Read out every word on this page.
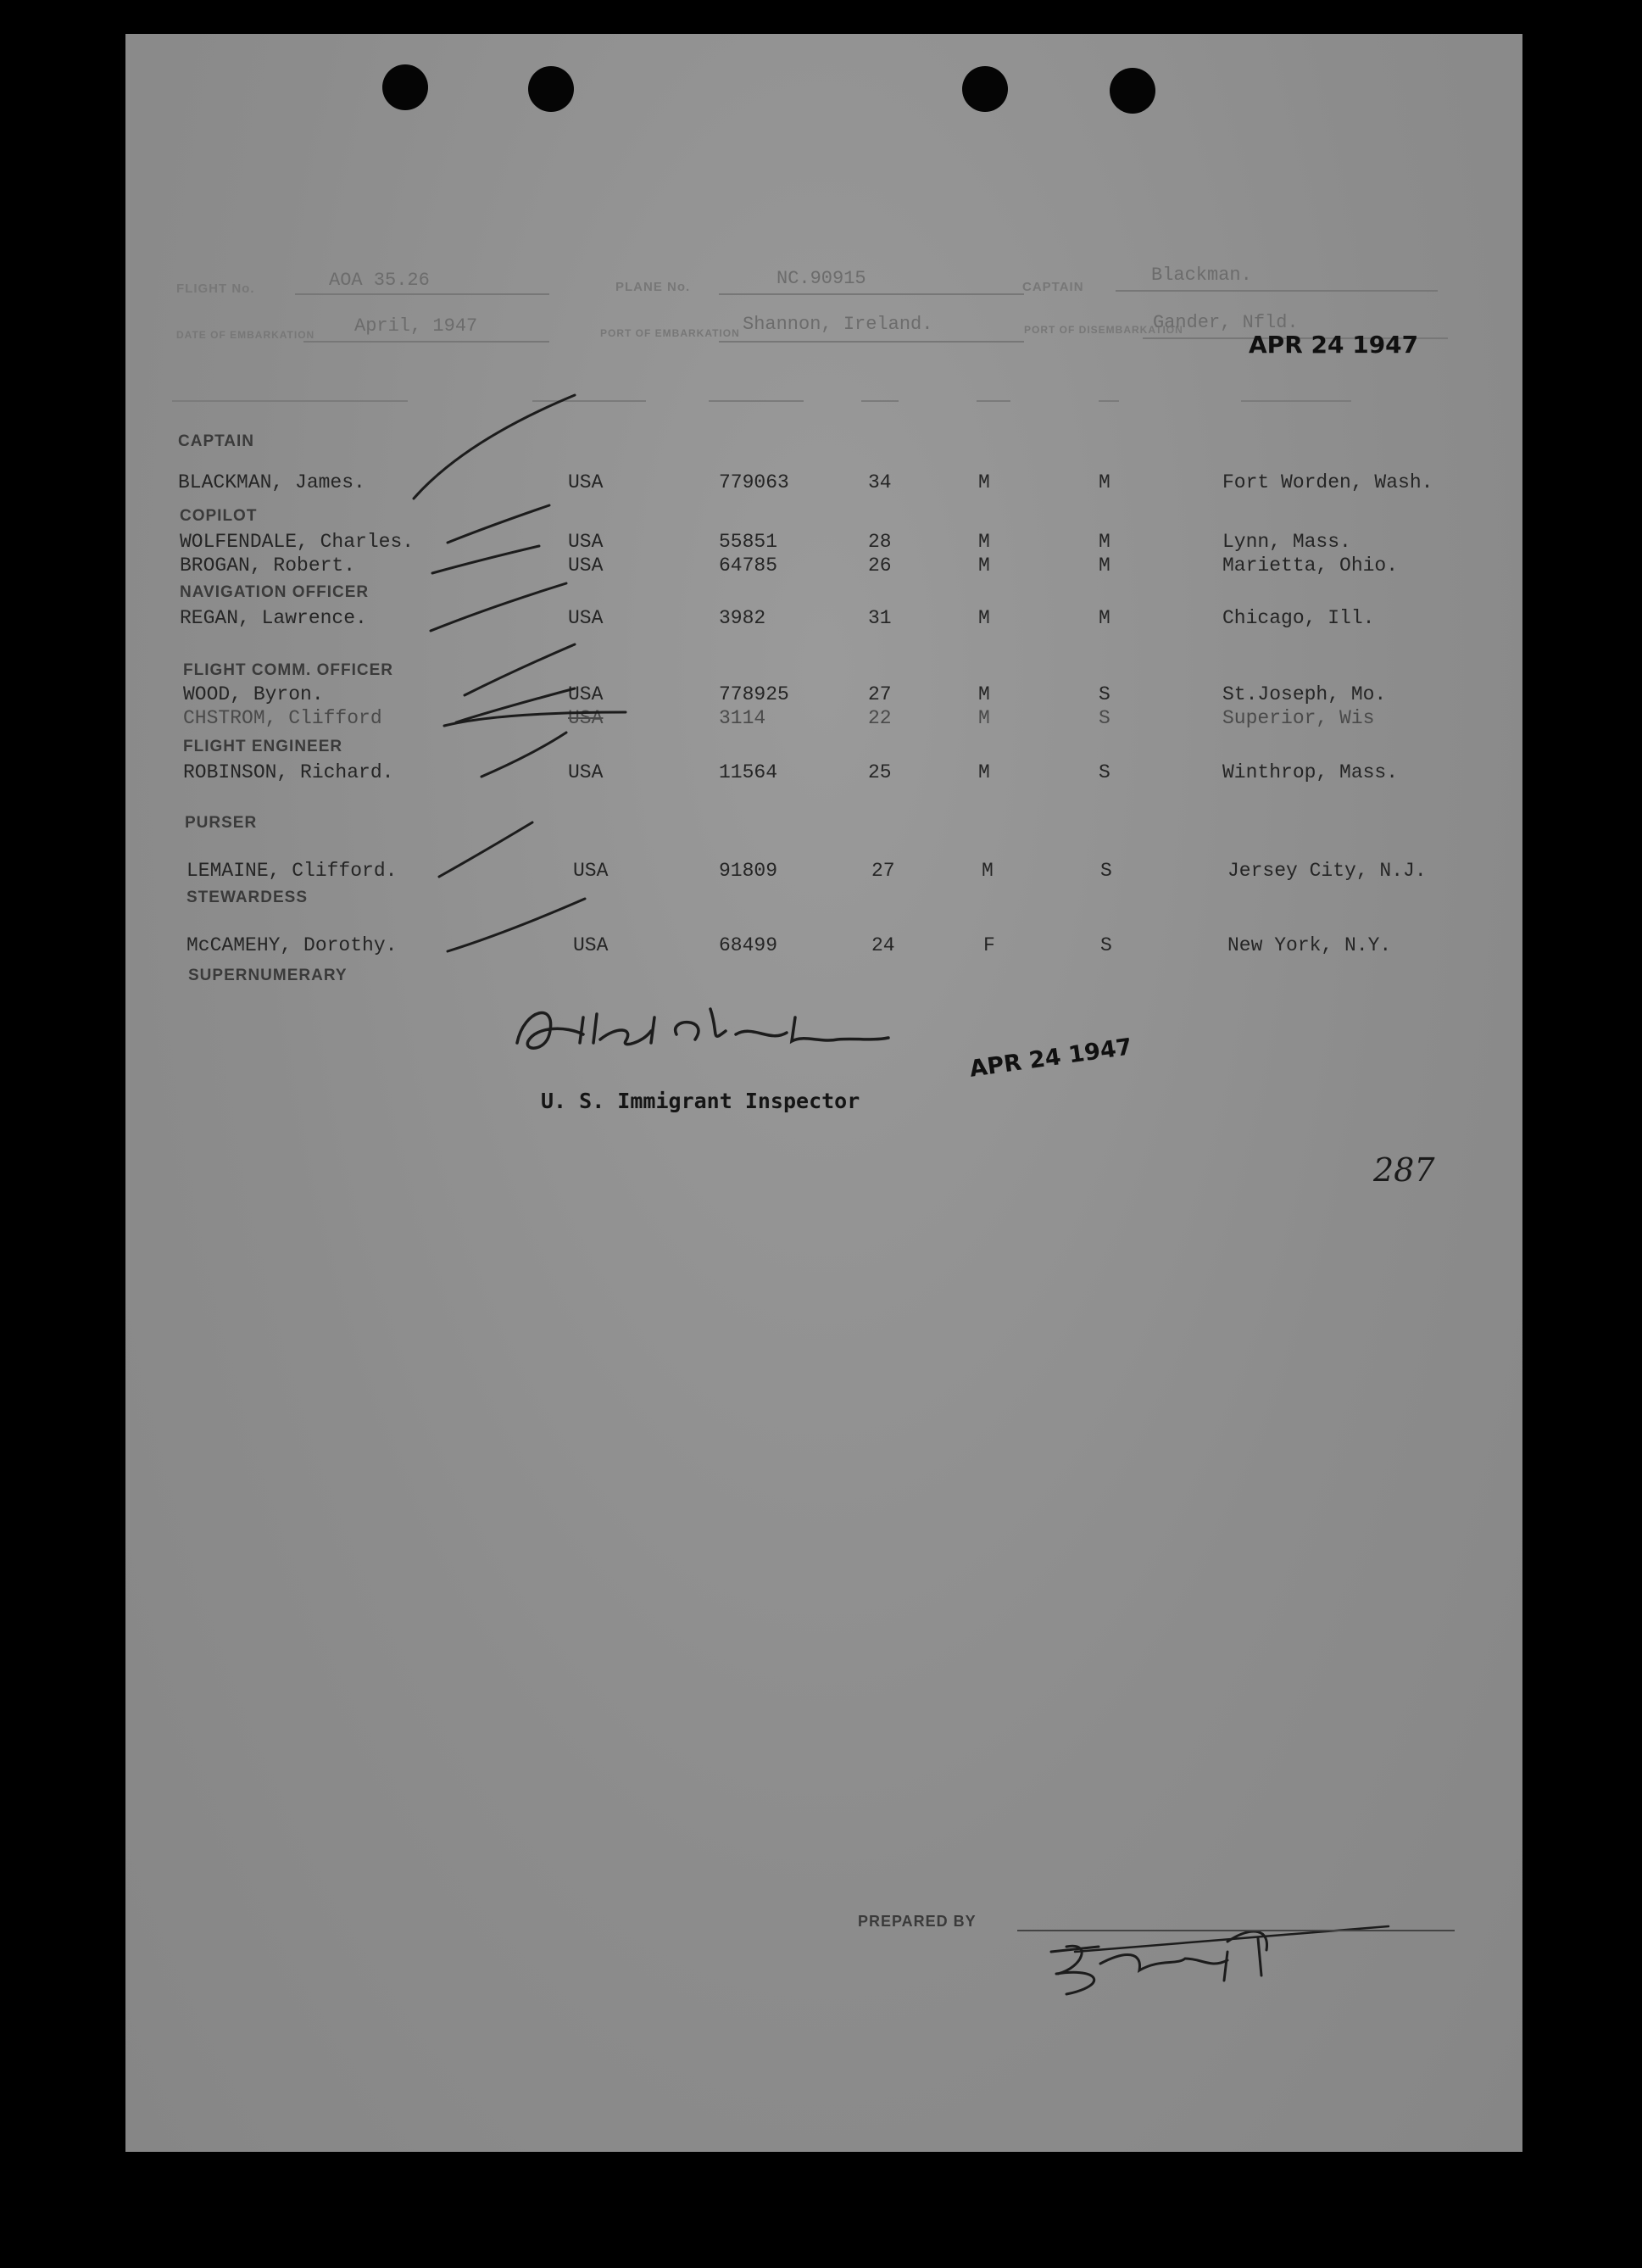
FLIGHT No.	AOA 35.26	PLANE No.	NC.90915	CAPTAIN
Blackman.
DATE OF EMBARKATION April, 1947	PORT OF EMBARKATION Shannon, Ireland.	PORT OF DISEMBARKATION
Gander, Nfld.
APR 24 1947
CAPTAIN
BLACKMAN, James.	USA	779063	34	M	M	Fort Worden, Wash.
COPILOT
WOLFENDALE, Charles.	USA	55851	28	M	M	Lynn, Mass.
BROGAN, Robert.	USA	64785	26	M	M	Marietta, Ohio.
NAVIGATION OFFICER
REGAN, Lawrence.	USA	3982	31	M	M	Chicago, Ill.
FLIGHT COMM. OFFICER
WOOD, Byron.	USA	778925	27	M	S	St.Joseph, Mo.
CHSTROM, Clifford	USA	3114	22	M	S	Superior, Wis
FLIGHT ENGINEER
ROBINSON, Richard.	USA	11564	25	M	S	Winthrop, Mass.
PURSER
LEMAINE, Clifford.	USA	91809	27	M	S	Jersey City, N.J.
STEWARDESS
McCAMEHY, Dorothy.	USA	68499	24	F	S	New York, N.Y.
SUPERNUMERARY
U. S. Immigrant Inspector
APR 24 1947
287
PREPARED BY
